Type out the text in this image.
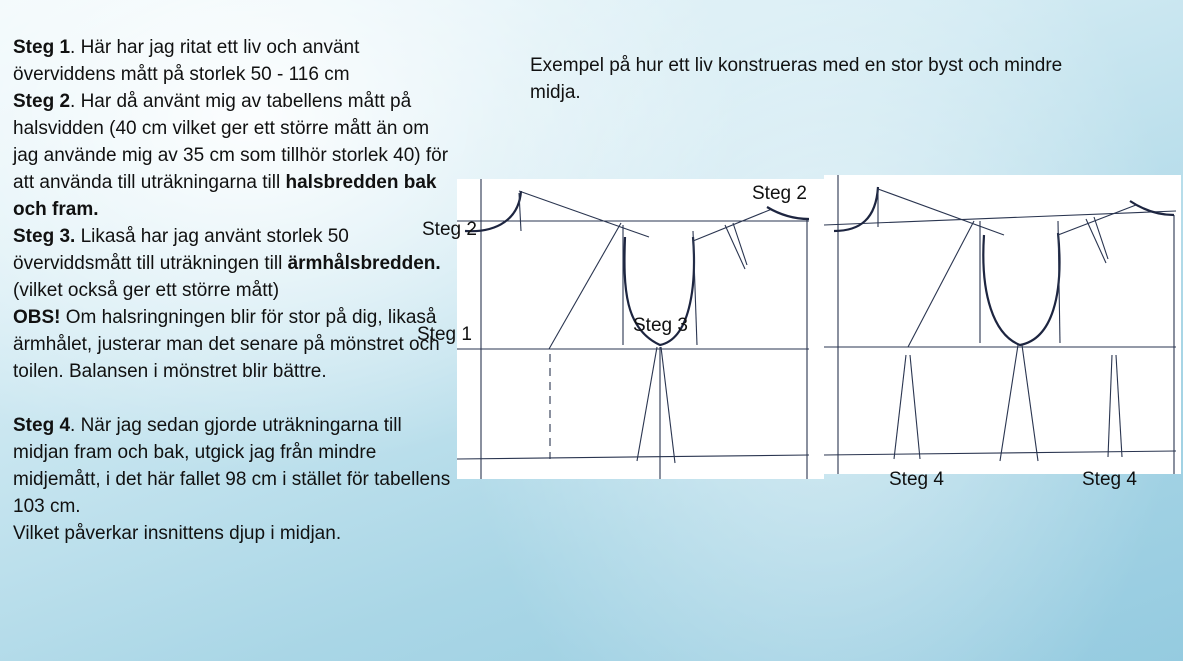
Steg 1. Här har jag ritat ett liv och använt överviddens mått på storlek 50 - 116 cm

Steg 2. Har då använt mig av tabellens mått på halsvidden (40 cm vilket ger ett större mått än om jag använde mig av 35 cm som tillhör storlek 40) för att använda till uträkningarna till halsbredden bak och fram.

Steg 3. Likaså har jag använt storlek 50 överviddsmått till uträkningen till ärmhålsbredden. (vilket också ger ett större mått)

OBS! Om halsringningen blir för stor på dig, likaså ärmhålet, justerar man det senare på mönstret och toilen. Balansen i mönstret blir bättre.

Steg 4. När jag sedan gjorde uträkningarna till midjan fram och bak, utgick jag från mindre midjemått, i det här fallet 98 cm i stället för tabellens 103 cm.

Vilket påverkar insnittens djup i midjan.

Exempel på hur ett liv konstrueras med en stor byst och mindre midja.

Steg 2
Steg 2
Steg 1	Steg 3
Steg 4	Steg 4
